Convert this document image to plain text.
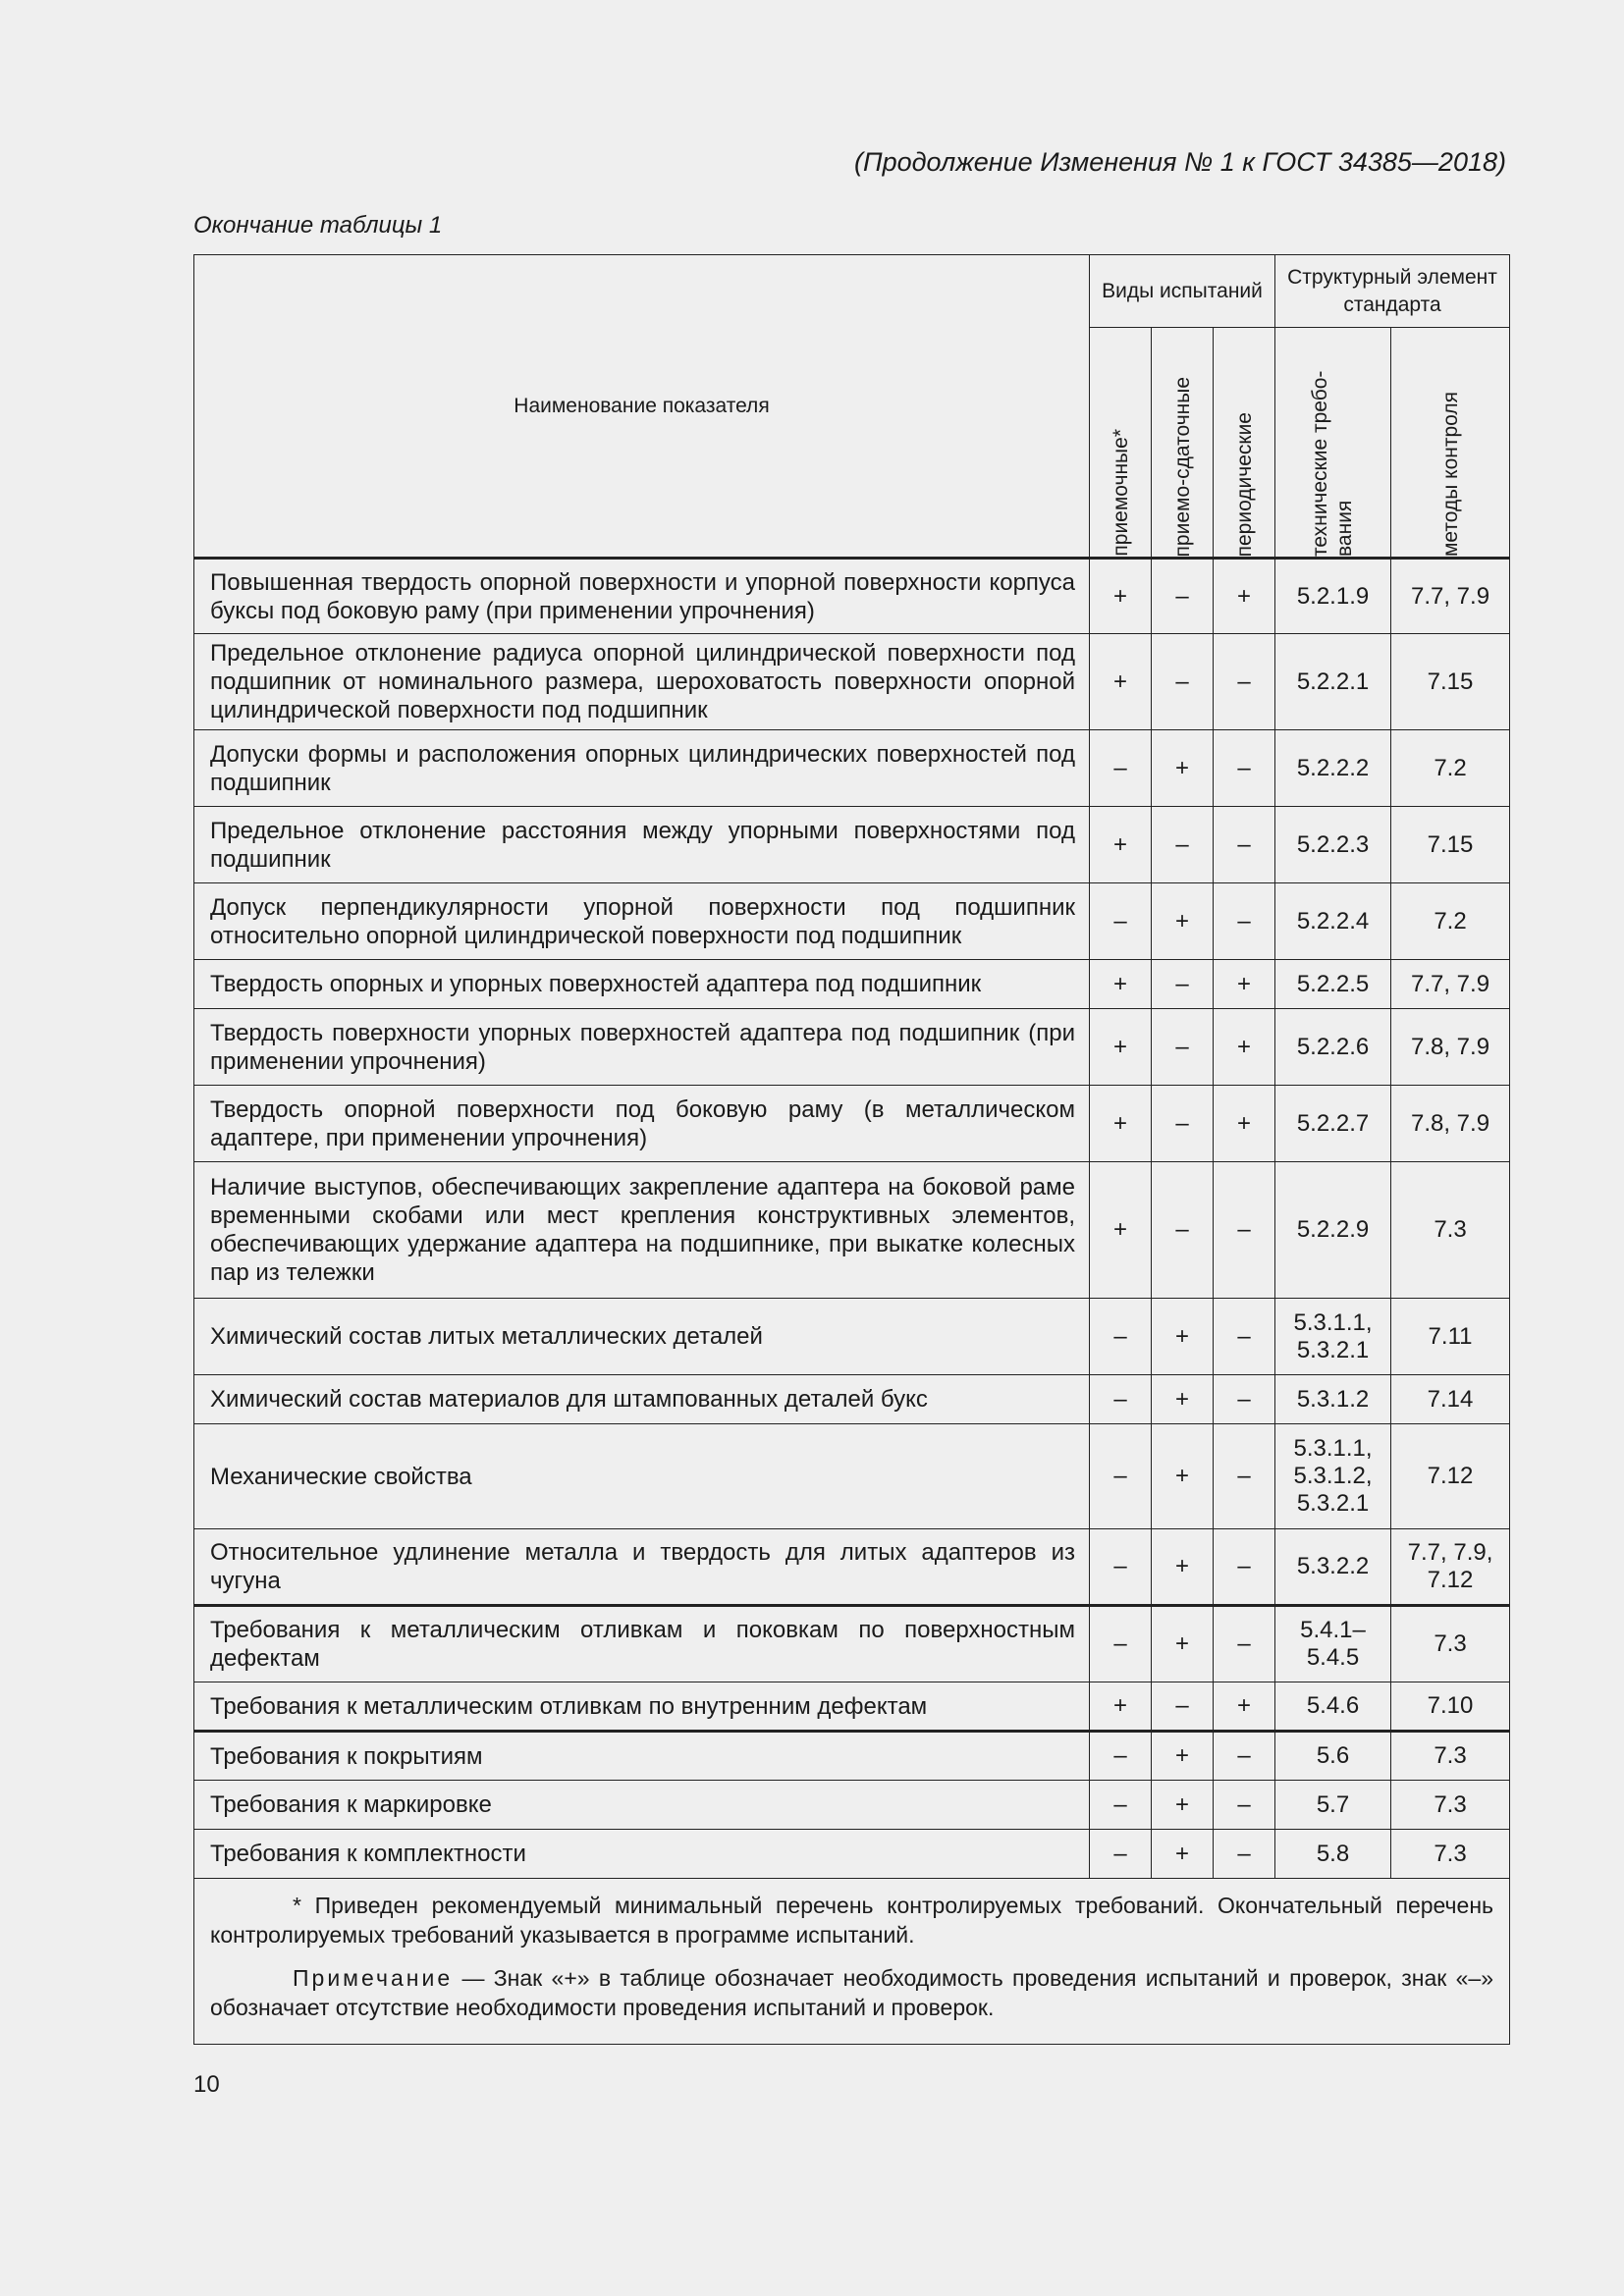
(Продолжение Изменения № 1 к ГОСТ 34385—2018)
Окончание таблицы 1
Наименование показателя	Виды испытаний			Структурный элемент стандарта	

	приемочные*	приемо-сдаточные	периодические	технические требо-вания	методы контроля

Повышенная твердость опорной поверхности и упорной поверхности корпуса буксы под боковую раму (при применении упрочнения)	+	–	+	5.2.1.9	7.7, 7.9
Предельное отклонение радиуса опорной цилиндрической поверхности под подшипник от номинального размера, шероховатость поверхности опорной цилиндрической поверхности под подшипник	+	–	–	5.2.2.1	7.15
Допуски формы и расположения опорных цилиндрических поверхностей под подшипник	–	+	–	5.2.2.2	7.2
Предельное отклонение расстояния между упорными поверхностями под подшипник	+	–	–	5.2.2.3	7.15
Допуск перпендикулярности упорной поверхности под подшипник относительно опорной цилиндрической поверхности под подшипник	–	+	–	5.2.2.4	7.2
Твердость опорных и упорных поверхностей адаптера под подшипник	+	–	+	5.2.2.5	7.7, 7.9
Твердость поверхности упорных поверхностей адаптера под подшипник (при применении упрочнения)	+	–	+	5.2.2.6	7.8, 7.9
Твердость опорной поверхности под боковую раму (в металлическом адаптере, при применении упрочнения)	+	–	+	5.2.2.7	7.8, 7.9
Наличие выступов, обеспечивающих закрепление адаптера на боковой раме временными скобами или мест крепления конструктивных элементов, обеспечивающих удержание адаптера на подшипнике, при выкатке колесных пар из тележки	+	–	–	5.2.2.9	7.3
Химический состав литых металлических деталей	–	+	–	5.3.1.1, 5.3.2.1	7.11
Химический состав материалов для штампованных деталей букс	–	+	–	5.3.1.2	7.14
Механические свойства	–	+	–	5.3.1.1, 5.3.1.2, 5.3.2.1	7.12
Относительное удлинение металла и твердость для литых адаптеров из чугуна	–	+	–	5.3.2.2	7.7, 7.9, 7.12
Требования к металлическим отливкам и поковкам по поверхностным дефектам	–	+	–	5.4.1–5.4.5	7.3
Требования к металлическим отливкам по внутренним дефектам	+	–	+	5.4.6	7.10
Требования к покрытиям	–	+	–	5.6	7.3
Требования к маркировке	–	+	–	5.7	7.3
Требования к комплектности	–	+	–	5.8	7.3

* Приведен рекомендуемый минимальный перечень контролируемых требований. Окончательный перечень контролируемых требований указывается в программе испытаний.

Примечание — Знак «+» в таблице обозначает необходимость проведения испытаний и проверок, знак «–» обозначает отсутствие необходимости проведения испытаний и проверок.					

10
